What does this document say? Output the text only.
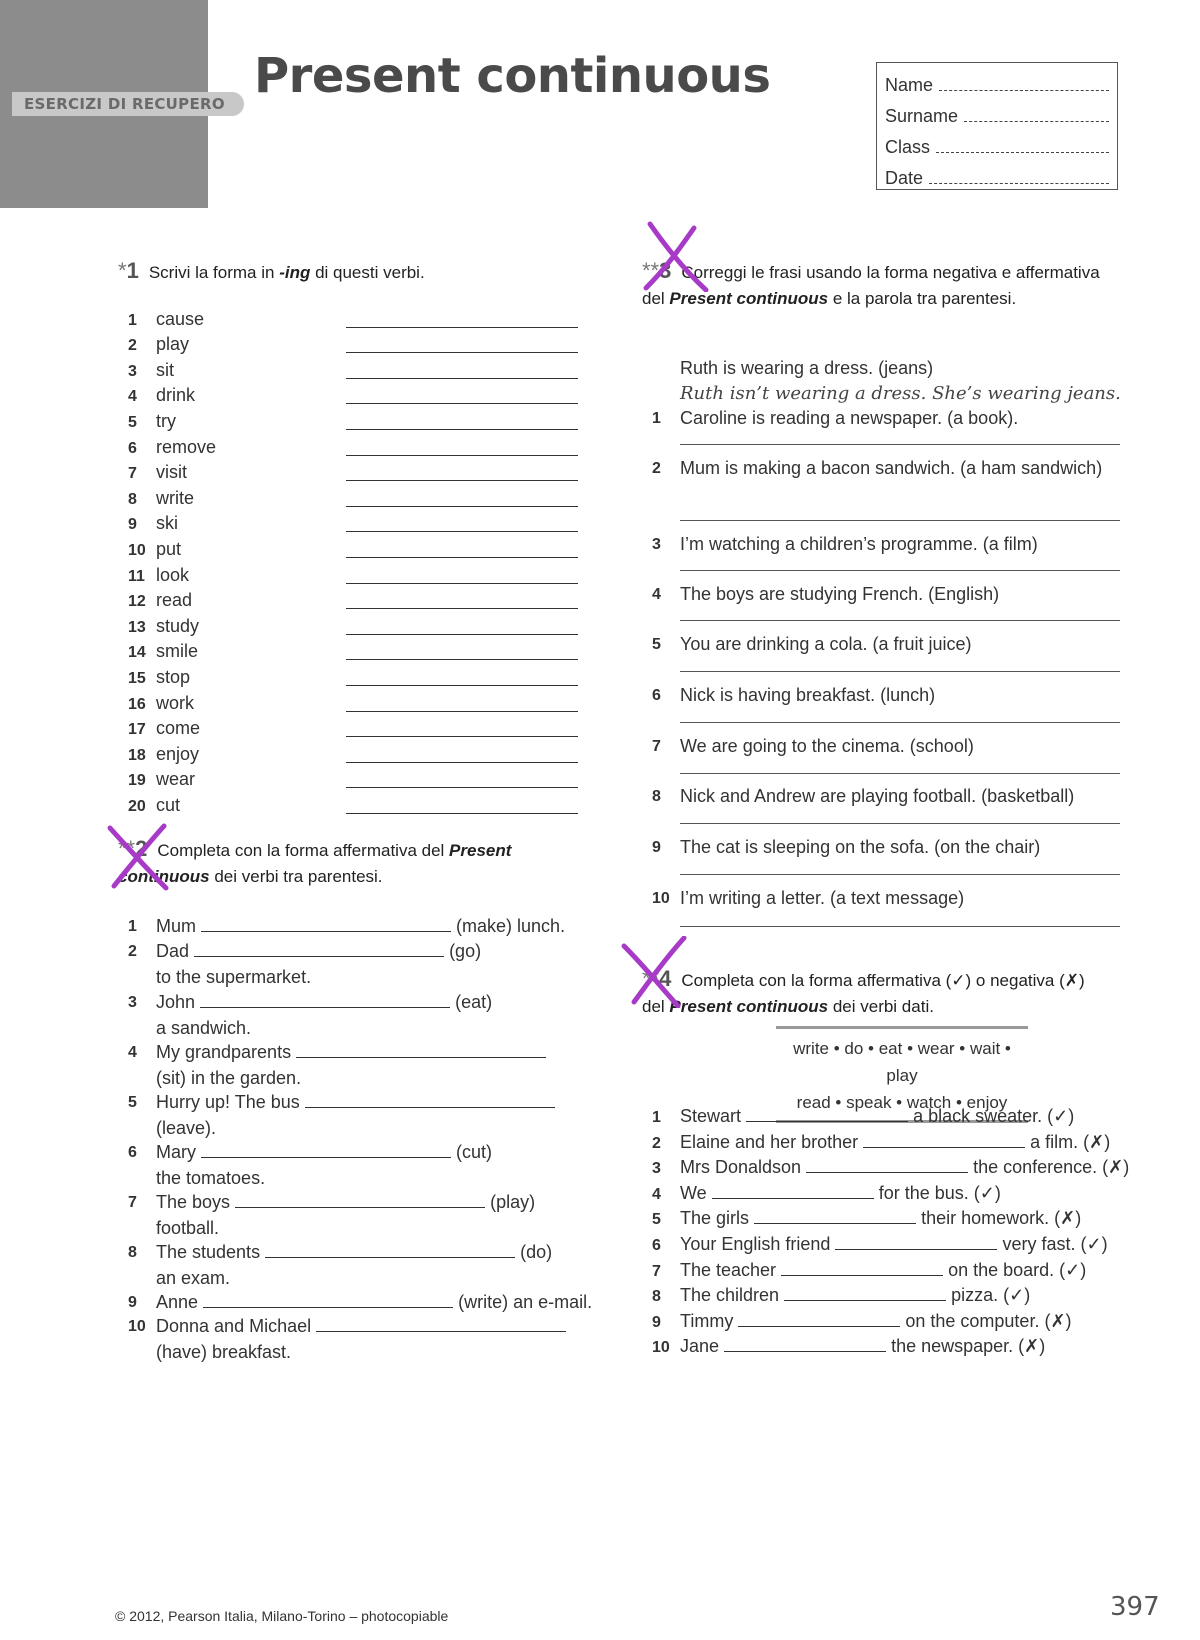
ESERCIZI DI RECUPERO Present continuous	Name
Surname
Class
Date
*1 Scrivi la forma in -ing di questi verbi.
1	cause
2	play
3	sit
4	drink
5	try
6	remove
7	visit
8	write
9	ski
10 put
11 look
12 read
13 study
14 smile
15 stop
16 work
17 come
18 enjoy
19 wear
20 cut
**2 Completa con la forma affermativa del Present continuous dei verbi tra parentesi.
1 Mum	(make) lunch.
2 Dad	(go)
to the supermarket.
3 John	(eat)
a sandwich.
4 My grandparents
(sit) in the garden.
5 Hurry up! The bus
(leave).
6 Mary	(cut)
the tomatoes.
7 The boys	(play)
football.
8 The students	(do)
an exam.
9 Anne	(write) an e-mail.
10 Donna and Michael
(have) breakfast.
**3 Correggi le frasi usando la forma negativa e affermativa del Present continuous e la parola tra parentesi.
Ruth is wearing a dress. (jeans)
Ruth isn’t wearing a dress. She’s wearing jeans.
1 Caroline is reading a newspaper. (a book).
2 Mum is making a bacon sandwich. (a ham sandwich)
3 I’m watching a children’s programme. (a film)
4 The boys are studying French. (English)
5 You are drinking a cola. (a fruit juice)
6 Nick is having breakfast. (lunch)
7 We are going to the cinema. (school)
8 Nick and Andrew are playing football. (basketball)
9 The cat is sleeping on the sofa. (on the chair)
10 I’m writing a letter. (a text message)
**4 Completa con la forma affermativa (✓) o negativa (✗) del Present continuous dei verbi dati.
write • do • eat • wear • wait • play
read • speak • watch • enjoy
1 Stewart	a black sweater. (✓)
2 Elaine and her brother	a film. (✗)
3 Mrs Donaldson	the conference. (✗)
4 We	for the bus. (✓)
5 The girls	their homework. (✗)
6 Your English friend	very fast. (✓)
7 The teacher	on the board. (✓)
8 The children	pizza. (✓)
9 Timmy	on the computer. (✗)
10 Jane	the newspaper. (✗)
© 2012, Pearson Italia, Milano-Torino – photocopiable	397
